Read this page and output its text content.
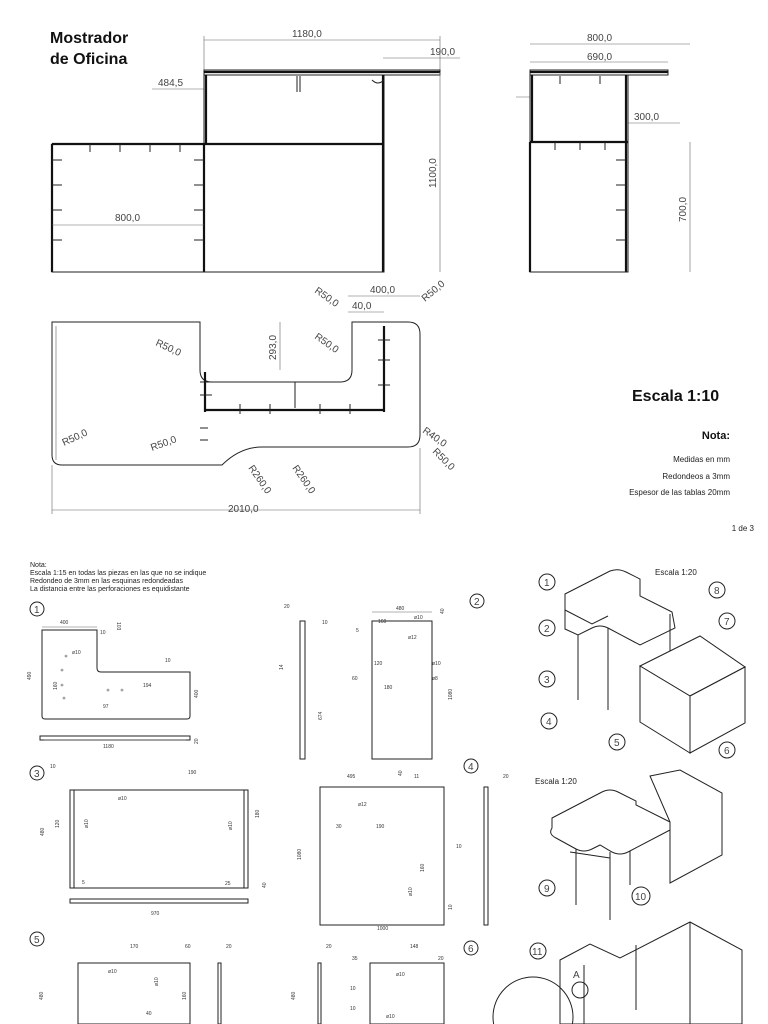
Mostrador
de Oficina
Escala 1:10
Nota:
Medidas en mm
Redondeos a 3mm
Espesor de las tablas 20mm
1 de 3
Nota:
Escala 1:15 en todas las piezas en las que no se indique
Redondeo de 3mm en las esquinas redondeadas
La distancia entre las perforaciones es equidistante
Escala 1:20
Escala 1:20
1180,0
190,0
484,5
800,0
1100,0
800,0
690,0
300,0
700,0
400,0
40,0
R50,0	R50,0
293,0	R50,0
R50,0
R50,0	R50,0
R260,0 R260,0
R40,0
R50,0
2010,0
1
2
3
4
5
6
400
10
103
490
160
ø10
10
194
97
400
1180
20
20	480	40
10
5
160
ø10
ø12
14
674
120	ø10
60	ø8
180
1080
10
190
ø10
480
120	ø10
180
ø10
5	25	40
970
495
40
11	20
ø12
30	190
1080
10
ø10
160
10
1000
170	60	20
ø10
ø10
160
480
40
20	148
35	20
ø10
480
ø10
10
10
1
2
3
4
5
6
7
8
9
10
11
A
